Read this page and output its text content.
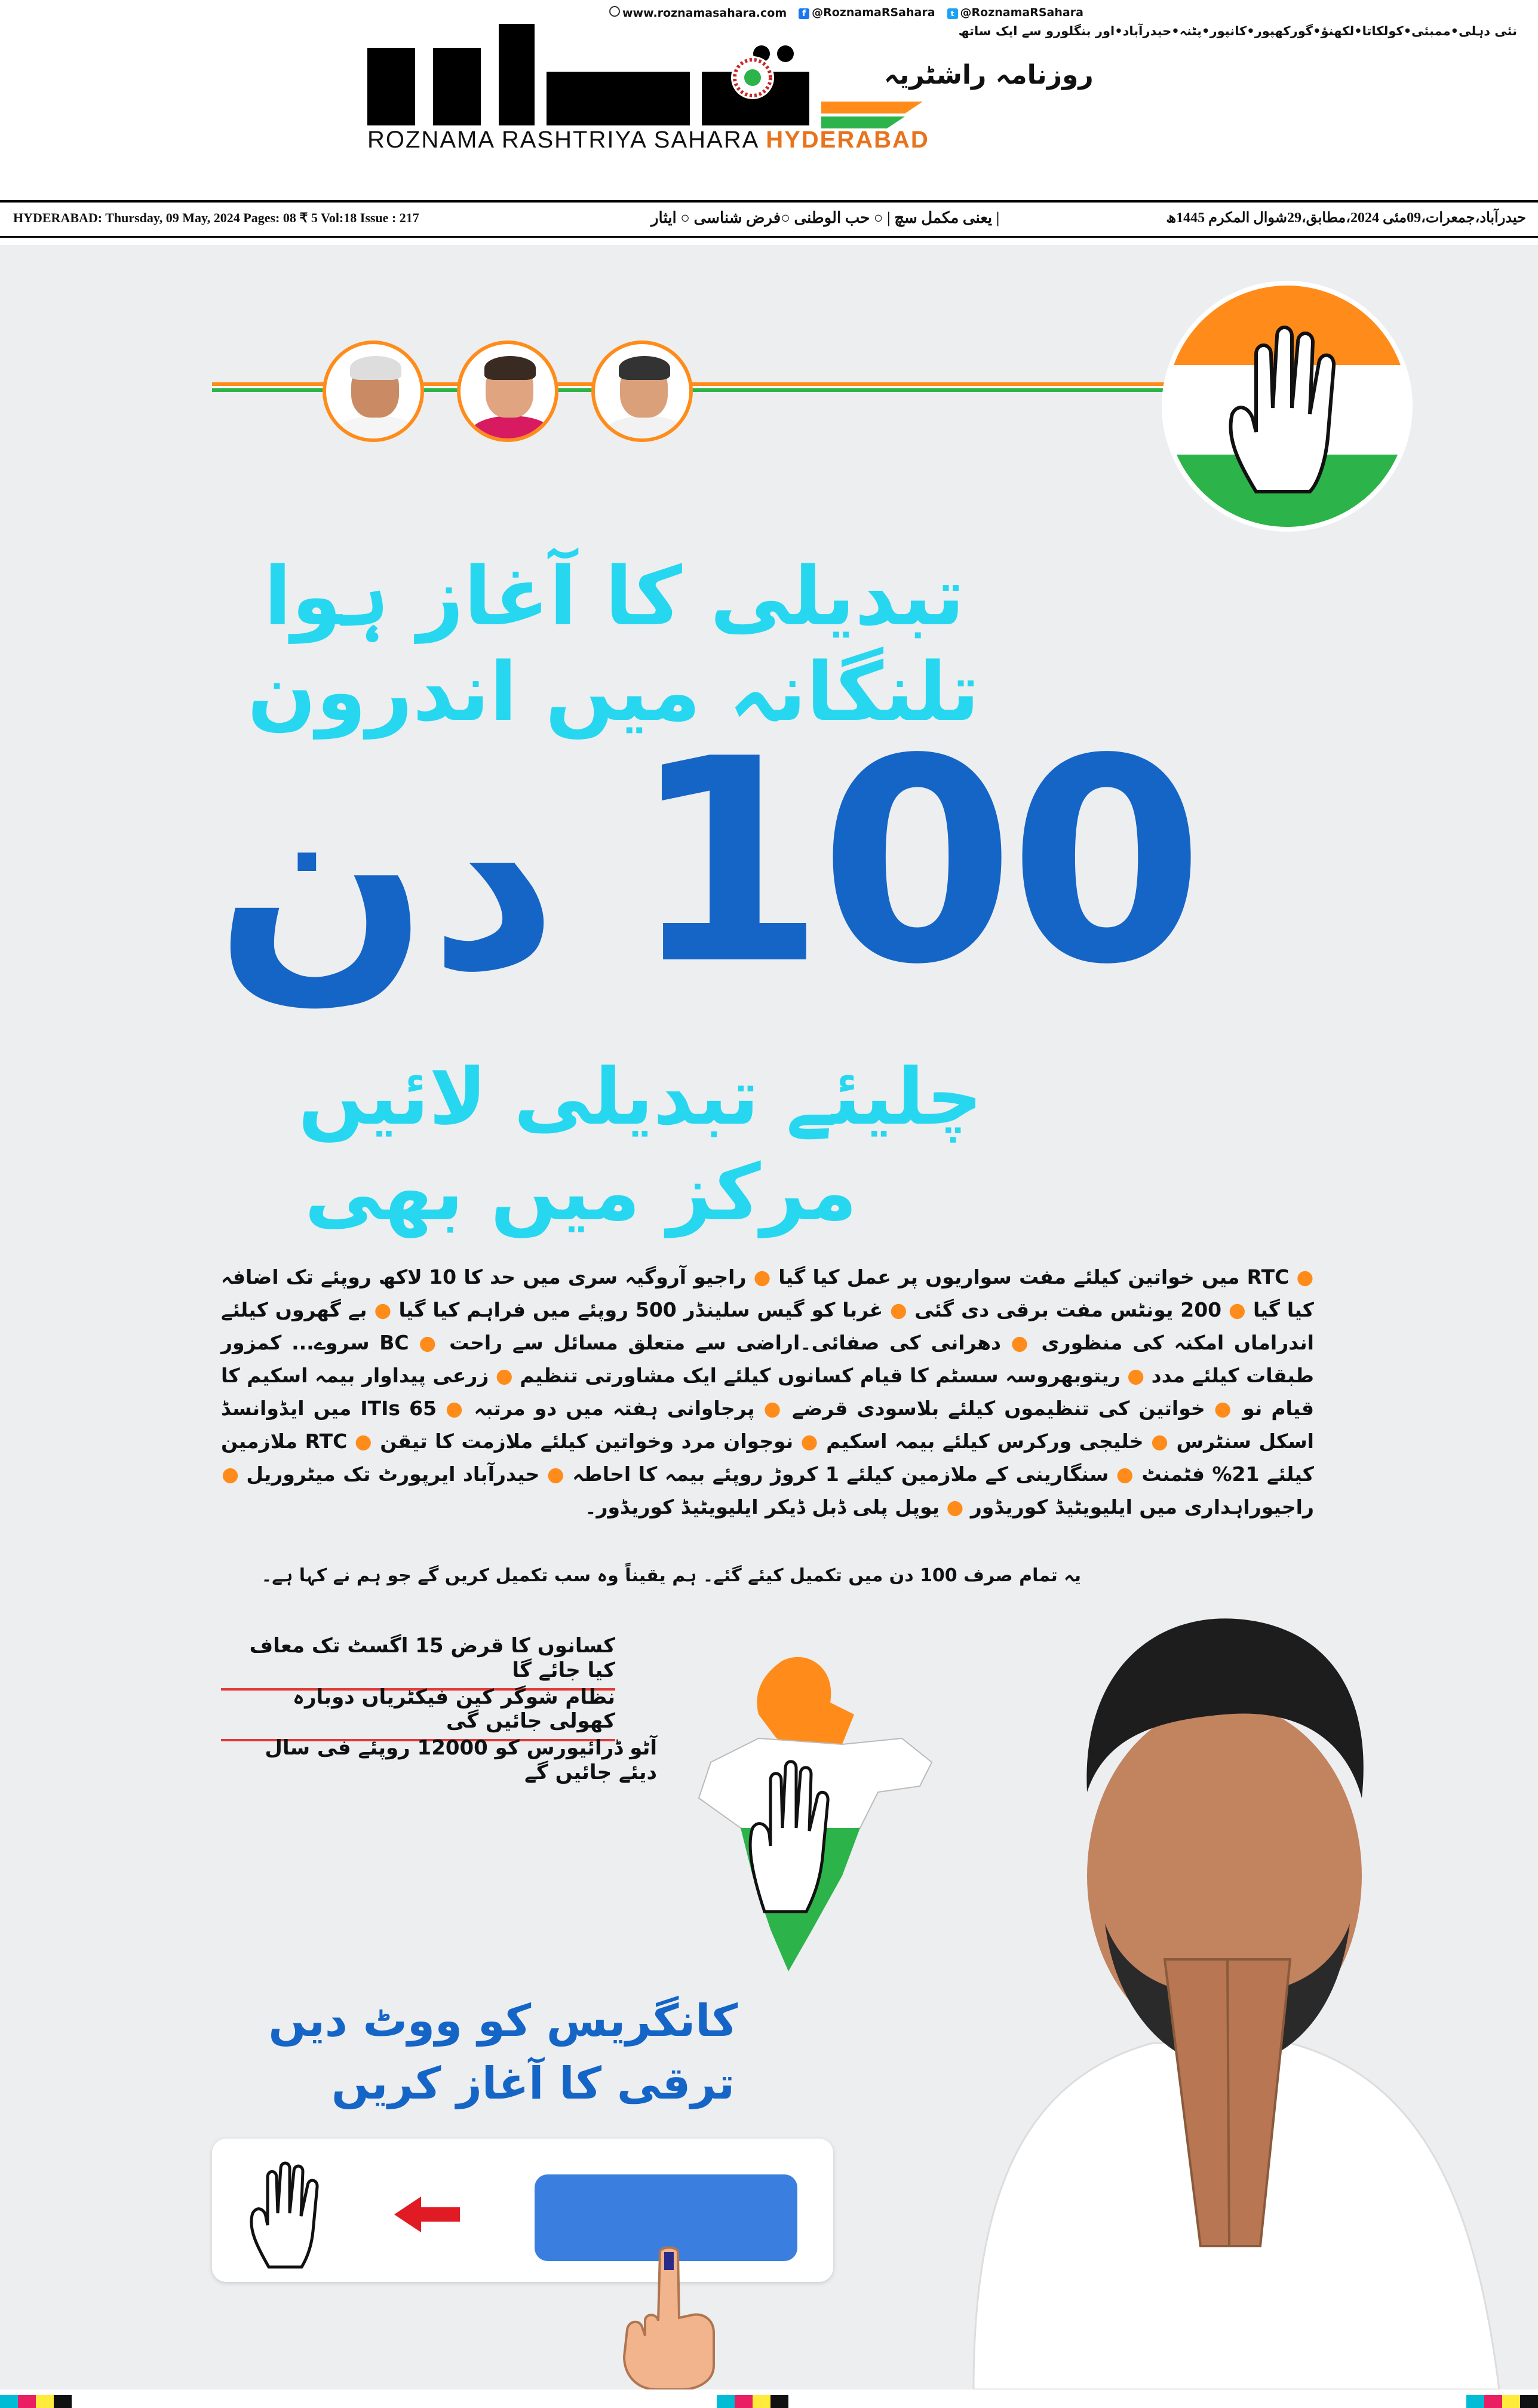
www.roznamasahara.com	f @RoznamaRSahara	t @RoznamaRSahara
نئی دہلی•ممبئی•کولکاتا•لکھنؤ•گورکھپور•کانپور•پٹنہ•حیدرآباد•اور بنگلورو سے ایک ساتھ
روزنامہ راشٹریہ
ROZNAMA RASHTRIYA SAHARA HYDERABAD
HYDERABAD: Thursday, 09 May, 2024 Pages: 08 ₹ 5 Vol:18 Issue : 217	| یعنی مکمل سچ | ○ حب الوطنی ○فرض شناسی ○ ایثار	حیدرآباد،جمعرات،09مئی 2024،مطابق،29شوال المکرم 1445ھ
تبدیلی کا آغاز ہوا
تلنگانہ میں اندرون
100
دن
چلیئے تبدیلی لائیں
مرکز میں بھی
● RTC میں خواتین کیلئے مفت سواریوں پر عمل کیا گیا ● راجیو آروگیہ سری میں حد کا 10 لاکھ روپئے تک اضافہ کیا گیا ● 200 یونٹس مفت برقی دی گئی ● غربا کو گیس سلینڈر 500 روپئے میں فراہم کیا گیا ● بے گھروں کیلئے اندراماں امکنہ کی منظوری ● دھرانی کی صفائی۔اراضی سے متعلق مسائل سے راحت ● BC سروے... کمزور طبقات کیلئے مدد ● ریتوبھروسہ سسٹم کا قیام کسانوں کیلئے ایک مشاورتی تنظیم ● زرعی پیداوار بیمہ اسکیم کا قیام نو ● خواتین کی تنظیموں کیلئے بلاسودی قرضے ● پرجاوانی ہفتہ میں دو مرتبہ ● 65 ITIs میں ایڈوانسڈ اسکل سنٹرس ● خلیجی ورکرس کیلئے بیمہ اسکیم ● نوجوان مرد وخواتین کیلئے ملازمت کا تیقن ● RTC ملازمین کیلئے 21% فٹمنٹ ● سنگارینی کے ملازمین کیلئے 1 کروڑ روپئے بیمہ کا احاطہ ● حیدرآباد ایرپورٹ تک میٹروریل ● راجیوراہداری میں ایلیویٹیڈ کوریڈور ● یوپل پلی ڈبل ڈیکر ایلیویٹیڈ کوریڈور۔
یہ تمام صرف 100 دن میں تکمیل کیئے گئے۔ ہم یقیناً وہ سب تکمیل کریں گے جو ہم نے کہا ہے۔
کسانوں کا قرض 15 اگسٹ تک معاف کیا جائے گا
نظام شوگر کین فیکٹریاں دوبارہ کھولی جائیں گی
آٹو ڈرائیورس کو 12000 روپئے فی سال دیئے جائیں گے
کانگریس کو ووٹ دیں
ترقی کا آغاز کریں
